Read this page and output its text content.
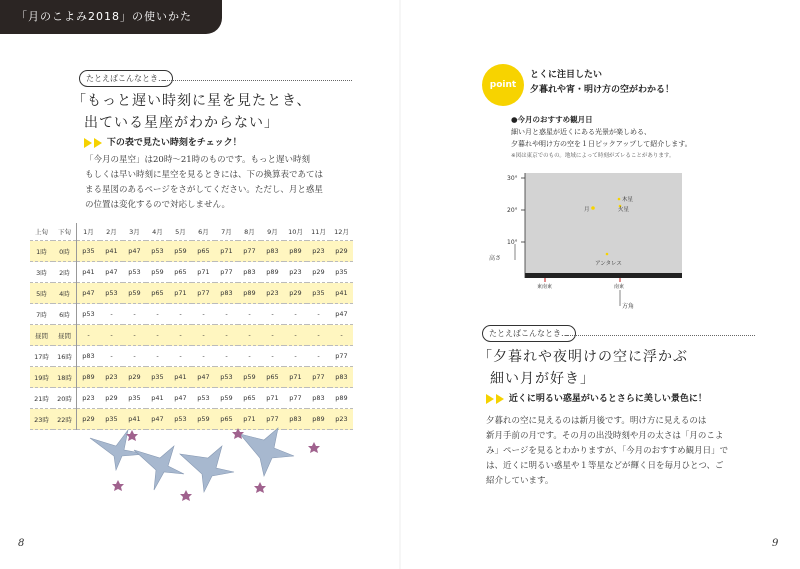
「月のこよみ2018」の使いかた
たとえばこんなとき…
「もっと遅い時刻に星を見たとき、
出ている星座がわからない」
下の表で見たい時刻をチェック！
「今月の星空」は20時～21時のものです。もっと遅い時刻
もしくは早い時刻に星空を見るときには、下の換算表であては
まる星図のあるページをさがしてください。ただし、月と惑星
の位置は変化するので対応しません。
上旬	下旬	1月	2月	3月	4月	5月	6月	7月	8月	9月	10月	11月	12月
1時	0時	p35	p41	p47	p53	p59	p65	p71	p77	p83	p89	p23	p29
3時	2時	p41	p47	p53	p59	p65	p71	p77	p83	p89	p23	p29	p35
5時	4時	p47	p53	p59	p65	p71	p77	p83	p89	p23	p29	p35	p41
7時	6時	p53	-	-	-	-	-	-	-	-	-	-	p47
昼間	昼間	-	-	-	-	-	-	-	-	-	-	-	-
17時	16時	p83	-	-	-	-	-	-	-	-	-	-	p77
19時	18時	p89	p23	p29	p35	p41	p47	p53	p59	p65	p71	p77	p83
21時	20時	p23	p29	p35	p41	p47	p53	p59	p65	p71	p77	p83	p89
23時	22時	p29	p35	p41	p47	p53	p59	p65	p71	p77	p83	p89	p23
8
point
とくに注目したい
夕暮れや宵・明け方の空がわかる！
●今月のおすすめ観月日
細い月と惑星が近くにある光景が楽しめる、
夕暮れや明け方の空を１日ピックアップして紹介します。
※図は東京でのもの。地域によって時刻がズレることがあります。
30°
20°
10°
高さ
月
木星
火星
アンタレス
東南東	南東
方角
たとえばこんなとき…
「夕暮れや夜明けの空に浮かぶ
細い月が好き」
近くに明るい惑星がいるとさらに美しい景色に！
夕暮れの空に見えるのは新月後です。明け方に見えるのは
新月手前の月です。その月の出没時刻や月の太さは「月のこよ
み」ページを見るとわかりますが、「今月のおすすめ観月日」で
は、近くに明るい惑星や１等星などが輝く日を毎月ひとつ、ご
紹介しています。
9
